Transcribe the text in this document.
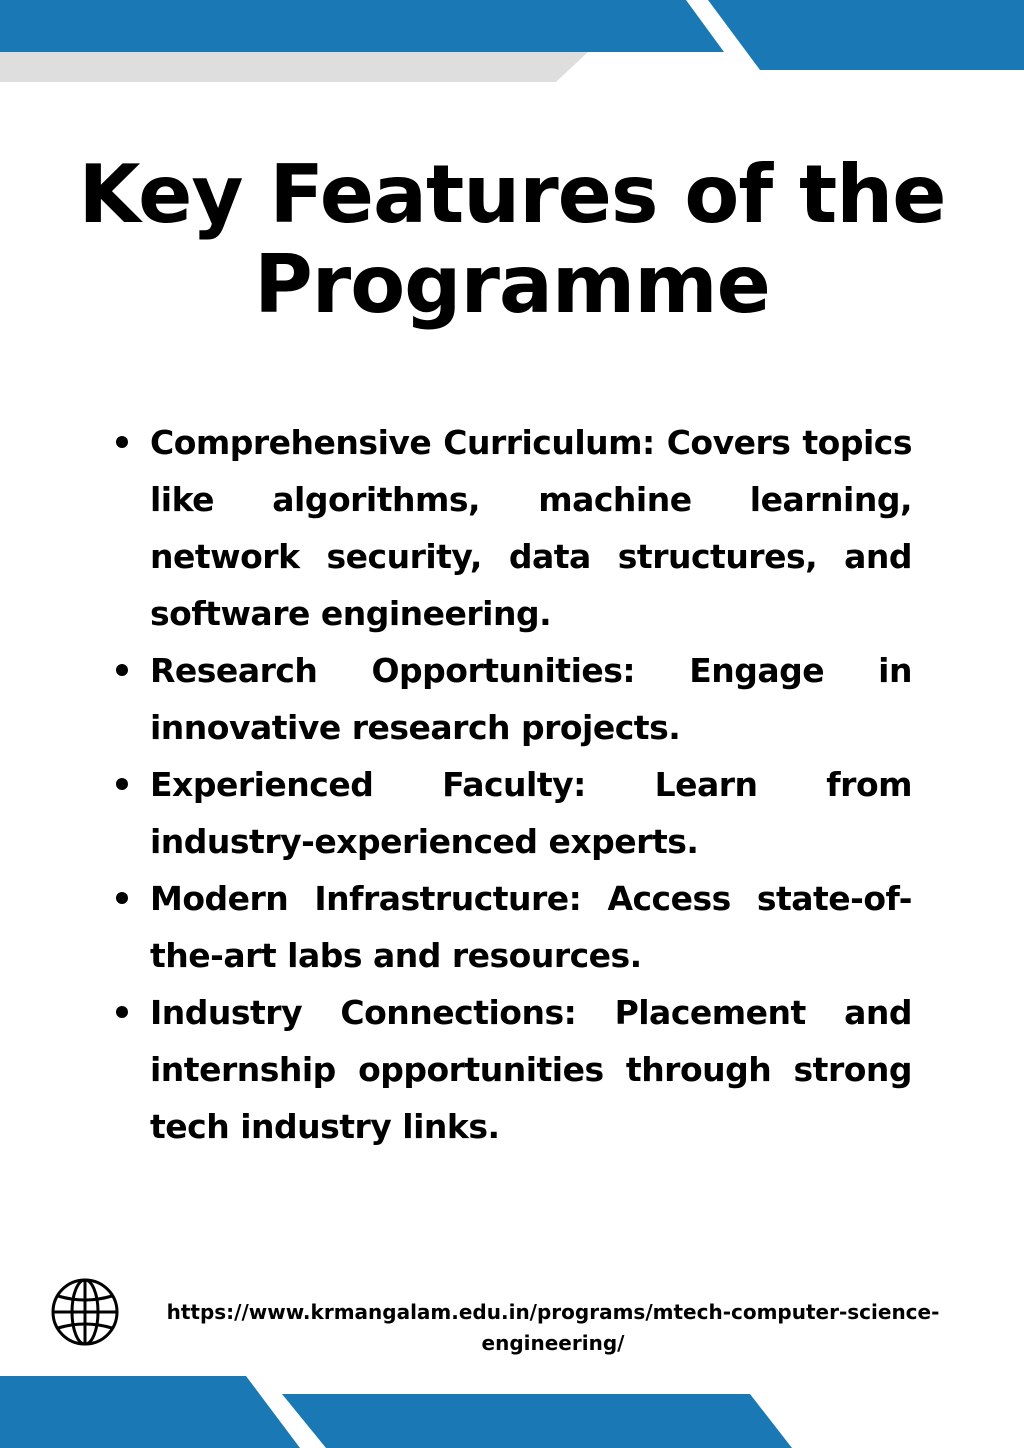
Key Features of the
Programme
Comprehensive Curriculum: Covers topics like algorithms, machine learning, network security, data structures, and software engineering.
Research Opportunities: Engage in innovative research projects.
Experienced Faculty: Learn from industry-experienced experts.
Modern Infrastructure: Access state-of-the-art labs and resources.
Industry Connections: Placement and internship opportunities through strong tech industry links.

https://www.krmangalam.edu.in/programs/mtech-computer-science-
engineering/
